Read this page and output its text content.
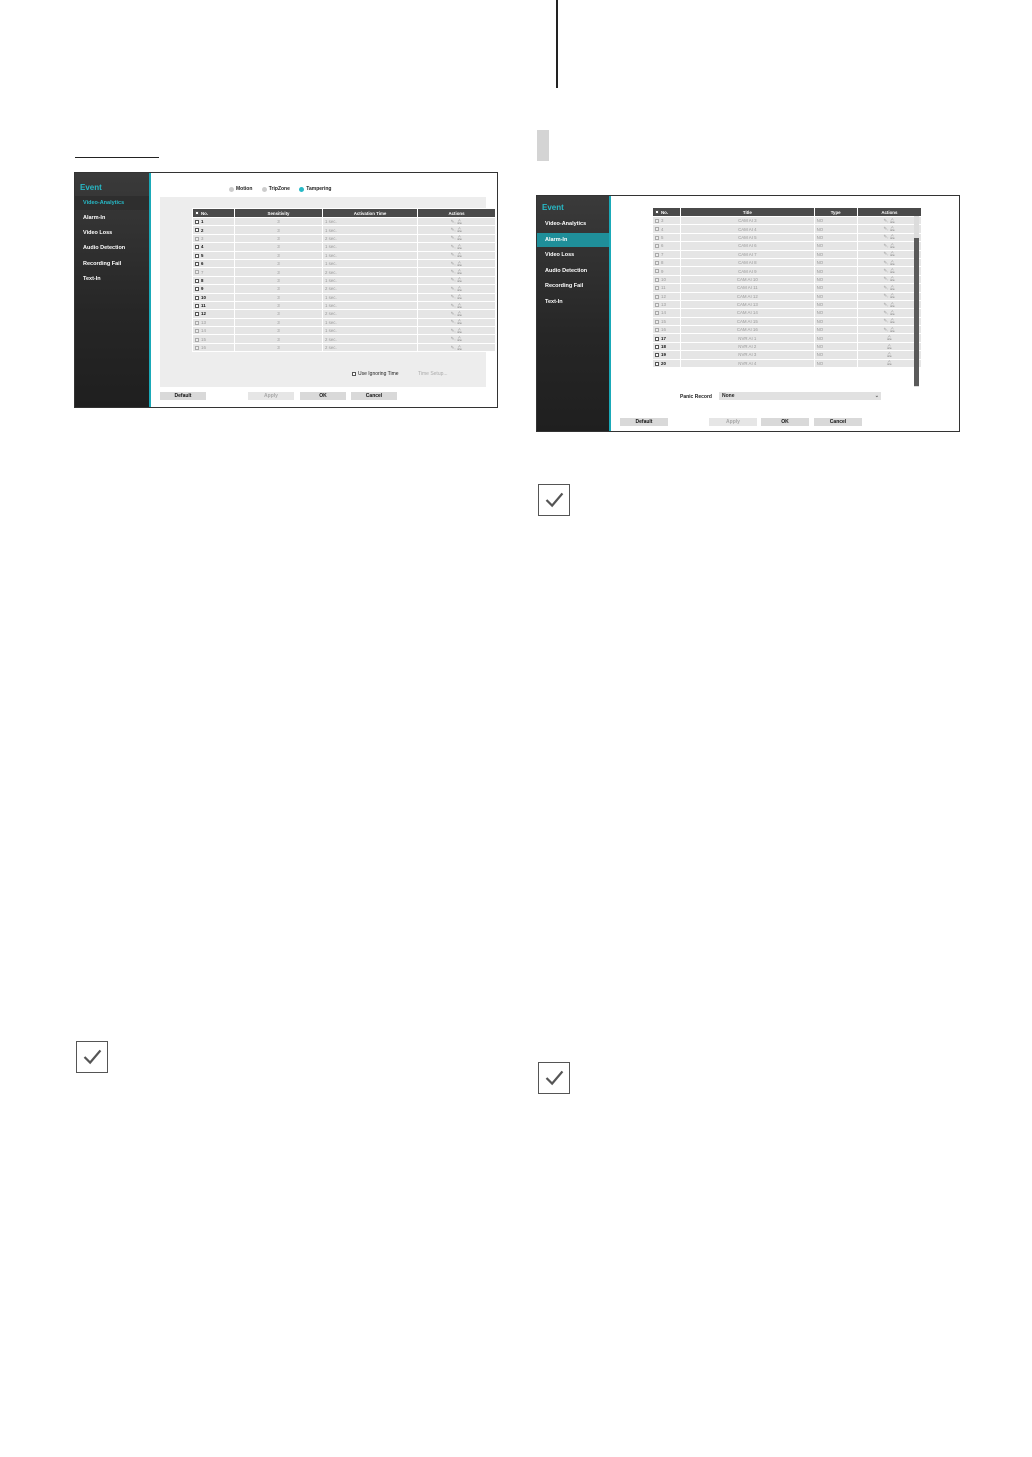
Event
Video-Analytics
Alarm-In
Video Loss
Audio Detection
Recording Fail
Text-In
Motion
	TripZone
	Tampering
No.	Sensitivity	Activation Time	Actions
1	3	1 sec.	✎, 🔔︎
2	3	1 sec.	✎, 🔔︎
3	3	2 sec.	✎, 🔔︎
4	3	1 sec.	✎, 🔔︎
5	3	1 sec.	✎, 🔔︎
6	3	1 sec.	✎, 🔔︎
7	3	2 sec.	✎, 🔔︎
8	3	1 sec.	✎, 🔔︎
9	3	2 sec.	✎, 🔔︎
10	3	1 sec.	✎, 🔔︎
11	3	1 sec.	✎, 🔔︎
12	3	2 sec.	✎, 🔔︎
13	3	1 sec.	✎, 🔔︎
14	3	1 sec.	✎, 🔔︎
15	3	2 sec.	✎, 🔔︎
16	3	2 sec.	✎, 🔔︎
Use Ignoring Time	Time Setup...
Default	Apply	OK	Cancel
Event
Video-Analytics
Alarm-In
Video Loss
Audio Detection
Recording Fail
Text-In
No.	Title	Type	Actions
3	CAM AI 3	NO	✎, 🔔︎
4	CAM AI 4	NO	✎, 🔔︎
5	CAM AI 5	NO	✎, 🔔︎
6	CAM AI 6	NO	✎, 🔔︎
7	CAM AI 7	NO	✎, 🔔︎
8	CAM AI 8	NO	✎, 🔔︎
9	CAM AI 9	NO	✎, 🔔︎
10	CAM AI 10	NO	✎, 🔔︎
11	CAM AI 11	NO	✎, 🔔︎
12	CAM AI 12	NO	✎, 🔔︎
13	CAM AI 13	NO	✎, 🔔︎
14	CAM AI 14	NO	✎, 🔔︎
15	CAM AI 15	NO	✎, 🔔︎
16	CAM AI 16	NO	✎, 🔔︎
17	NVR AI 1	NO	🔔︎
18	NVR AI 2	NO	🔔︎
19	NVR AI 3	NO	🔔︎
20	NVR AI 4	NO	🔔︎
Panic Record	None	⌄
Default	Apply	OK	Cancel
